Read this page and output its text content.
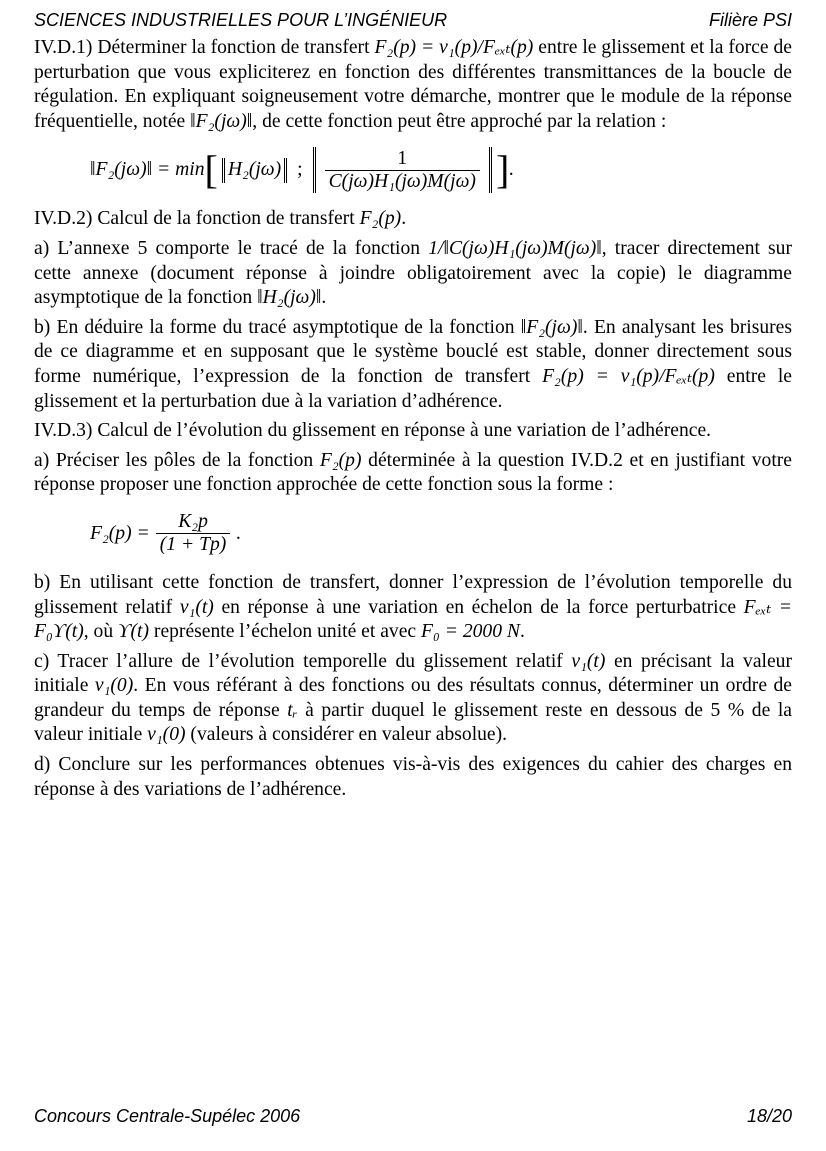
SCIENCES INDUSTRIELLES POUR L’INGÉNIEUR	Filière PSI

IV.D.1) Déterminer la fonction de transfert F₂(p) = ν₁(p)/Fₑₓₜ(p) entre le glissement et la force de perturbation que vous expliciterez en fonction des différentes transmittances de la boucle de régulation. En expliquant soigneusement votre démarche, montrer que le module de la réponse fréquentielle, notée ‖F₂(jω)‖, de cette fonction peut être approché par la relation :

‖F₂(jω)‖ = min [ H₂(jω) ; $\frac{1}{\text{C(jω)H₁(jω)M(jω)}}$ ] .

IV.D.2) Calcul de la fonction de transfert F₂(p).

a) L’annexe 5 comporte le tracé de la fonction 1/‖C(jω)H₁(jω)M(jω)‖, tracer directement sur cette annexe (document réponse à joindre obligatoirement avec la copie) le diagramme asymptotique de la fonction ‖H₂(jω)‖.

b) En déduire la forme du tracé asymptotique de la fonction ‖F₂(jω)‖. En analysant les brisures de ce diagramme et en supposant que le système bouclé est stable, donner directement sous forme numérique, l’expression de la fonction de transfert F₂(p) = ν₁(p)/Fₑₓₜ(p) entre le glissement et la perturbation due à la variation d’adhérence.

IV.D.3) Calcul de l’évolution du glissement en réponse à une variation de l’adhérence.

a) Préciser les pôles de la fonction F₂(p) déterminée à la question IV.D.2 et en justifiant votre réponse proposer une fonction approchée de cette fonction sous la forme :

$F_2(p) = \frac{\text{K₂p}}{(1 + Tp)}$ .

b) En utilisant cette fonction de transfert, donner l’expression de l’évolution temporelle du glissement relatif ν₁(t) en réponse à une variation en échelon de la force perturbatrice Fₑₓₜ = F₀ϒ(t), où ϒ(t) représente l’échelon unité et avec F₀ = 2000 N.

c) Tracer l’allure de l’évolution temporelle du glissement relatif ν₁(t) en précisant la valeur initiale ν₁(0). En vous référant à des fonctions ou des résultats connus, déterminer un ordre de grandeur du temps de réponse tᵣ à partir duquel le glissement reste en dessous de 5 % de la valeur initiale ν₁(0) (valeurs à considérer en valeur absolue).

d) Conclure sur les performances obtenues vis-à-vis des exigences du cahier des charges en réponse à des variations de l’adhérence.

Concours Centrale-Supélec 2006	18/20
